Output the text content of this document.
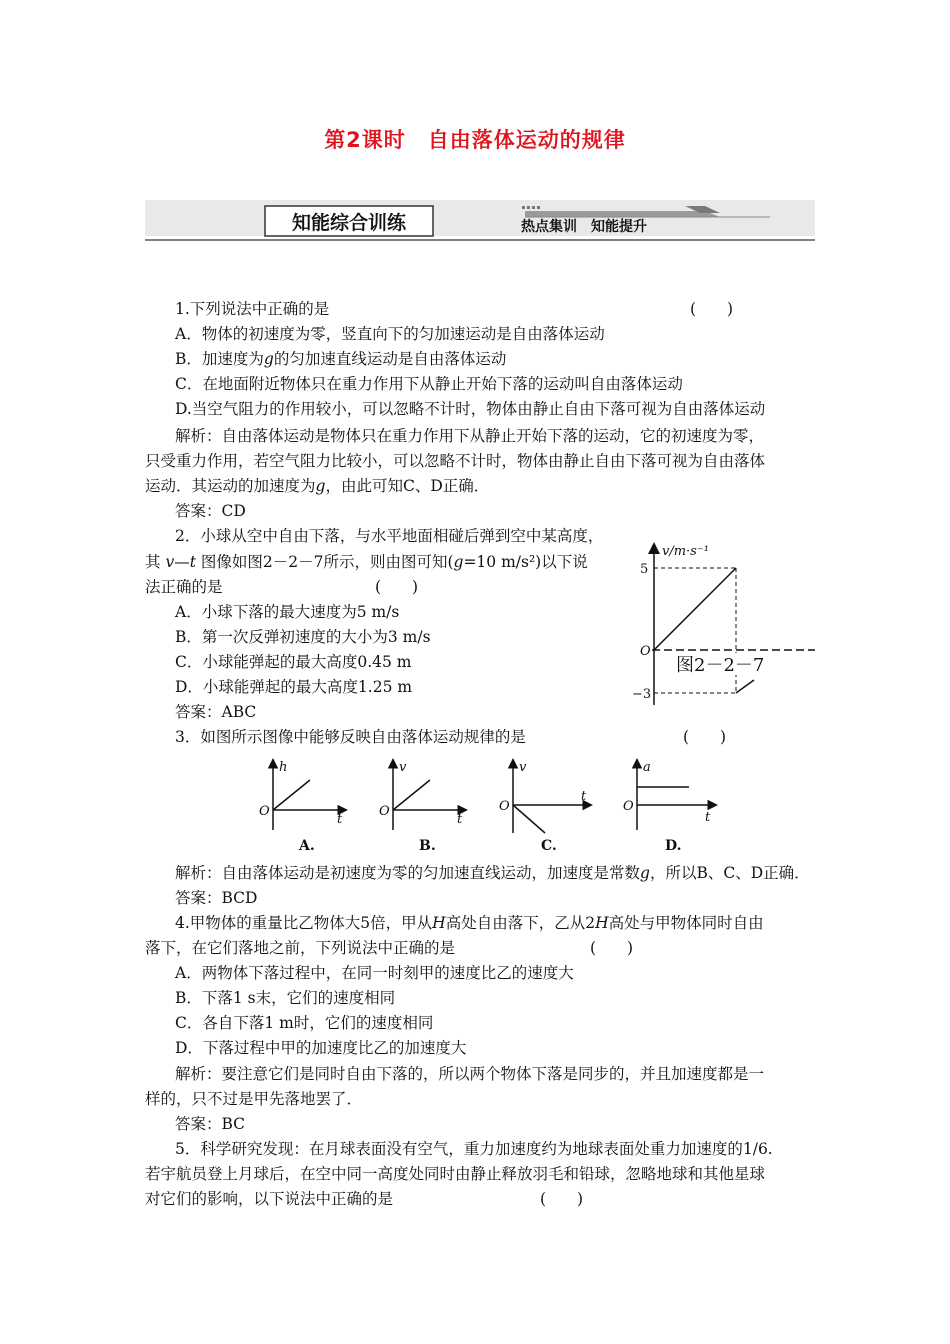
第2课时　自由落体运动的规律
知能综合训练	热点集训　知能提升
1.下列说法中正确的是	(　　)
A．物体的初速度为零，竖直向下的匀加速运动是自由落体运动
B．加速度为g的匀加速直线运动是自由落体运动
C．在地面附近物体只在重力作用下从静止开始下落的运动叫自由落体运动
D.当空气阻力的作用较小，可以忽略不计时，物体由静止自由下落可视为自由落体运动
解析：自由落体运动是物体只在重力作用下从静止开始下落的运动，它的初速度为零，
只受重力作用，若空气阻力比较小，可以忽略不计时，物体由静止自由下落可视为自由落体
运动．其运动的加速度为g，由此可知C、D正确．
答案：CD
2．小球从空中自由下落，与水平地面相碰后弹到空中某高度，
其 v—t 图像如图2－2－7所示，则由图可知(g=10 m/s²)以下说
法正确的是	(　　)
A．小球下落的最大速度为5 m/s
B．第一次反弹初速度的大小为3 m/s
C．小球能弹起的最大高度0.45 m
D．小球能弹起的最大高度1.25 m
答案：ABC
v/m·s⁻¹
5
O
−3
图2－2－7
3．如图所示图像中能够反映自由落体运动规律的是	(　　)
h
t
O
A.
v
t
O
B.
v
t
O
C.
a
t
O
D.
解析：自由落体运动是初速度为零的匀加速直线运动，加速度是常数g，所以B、C、D正确．
答案：BCD
4.甲物体的重量比乙物体大5倍，甲从H高处自由落下，乙从2H高处与甲物体同时自由
落下，在它们落地之前，下列说法中正确的是	(　　)
A．两物体下落过程中，在同一时刻甲的速度比乙的速度大
B．下落1 s末，它们的速度相同
C．各自下落1 m时，它们的速度相同
D．下落过程中甲的加速度比乙的加速度大
解析：要注意它们是同时自由下落的，所以两个物体下落是同步的，并且加速度都是一
样的，只不过是甲先落地罢了．
答案：BC
5．科学研究发现：在月球表面没有空气，重力加速度约为地球表面处重力加速度的1/6.
若宇航员登上月球后，在空中同一高度处同时由静止释放羽毛和铅球，忽略地球和其他星球
对它们的影响，以下说法中正确的是	(　　)
